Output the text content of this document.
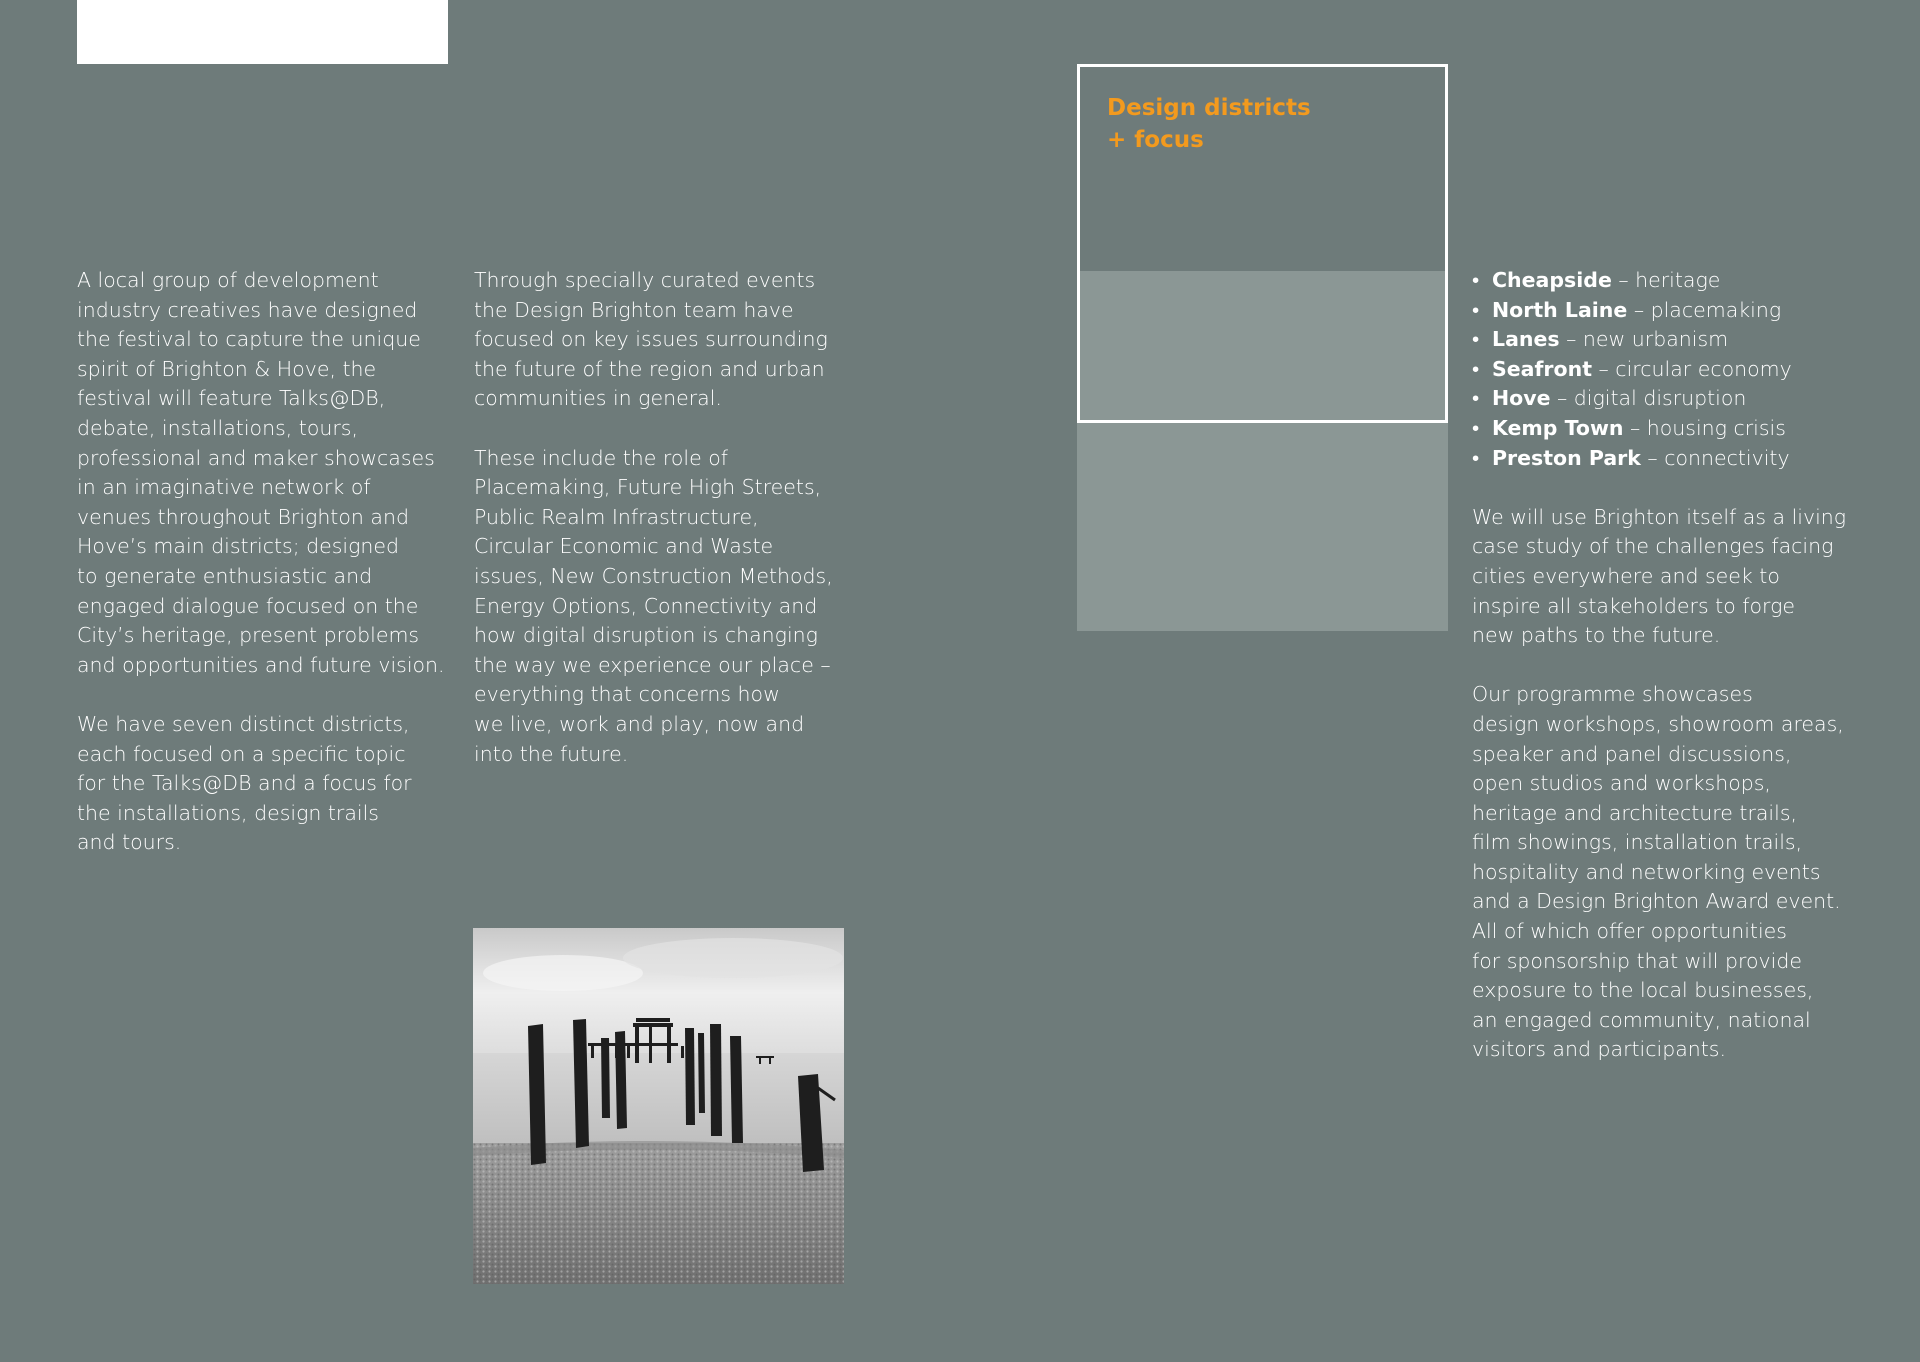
A local group of development
industry creatives have designed
the festival to capture the unique
spirit of Brighton & Hove, the
festival will feature Talks@DB,
debate, installations, tours,
professional and maker showcases
in an imaginative network of
venues throughout Brighton and
Hove’s main districts; designed
to generate enthusiastic and
engaged dialogue focused on the
City’s heritage, present problems
and opportunities and future vision.

We have seven distinct districts,
each focused on a specific topic
for the Talks@DB and a focus for
the installations, design trails
and tours.

Through specially curated events
the Design Brighton team have
focused on key issues surrounding
the future of the region and urban
communities in general.

These include the role of
Placemaking, Future High Streets,
Public Realm Infrastructure,
Circular Economic and Waste
issues, New Construction Methods,
Energy Options, Connectivity and
how digital disruption is changing
the way we experience our place –
everything that concerns how
we live, work and play, now and
into the future.

Design districts
+ focus
• Cheapside – heritage
• North Laine – placemaking
• Lanes – new urbanism
• Seafront – circular economy
• Hove – digital disruption
• Kemp Town – housing crisis
• Preston Park – connectivity

We will use Brighton itself as a living
case study of the challenges facing
cities everywhere and seek to
inspire all stakeholders to forge
new paths to the future.

Our programme showcases
design workshops, showroom areas,
speaker and panel discussions,
open studios and workshops,
heritage and architecture trails,
film showings, installation trails,
hospitality and networking events
and a Design Brighton Award event.
All of which offer opportunities
for sponsorship that will provide
exposure to the local businesses,
an engaged community, national
visitors and participants.
